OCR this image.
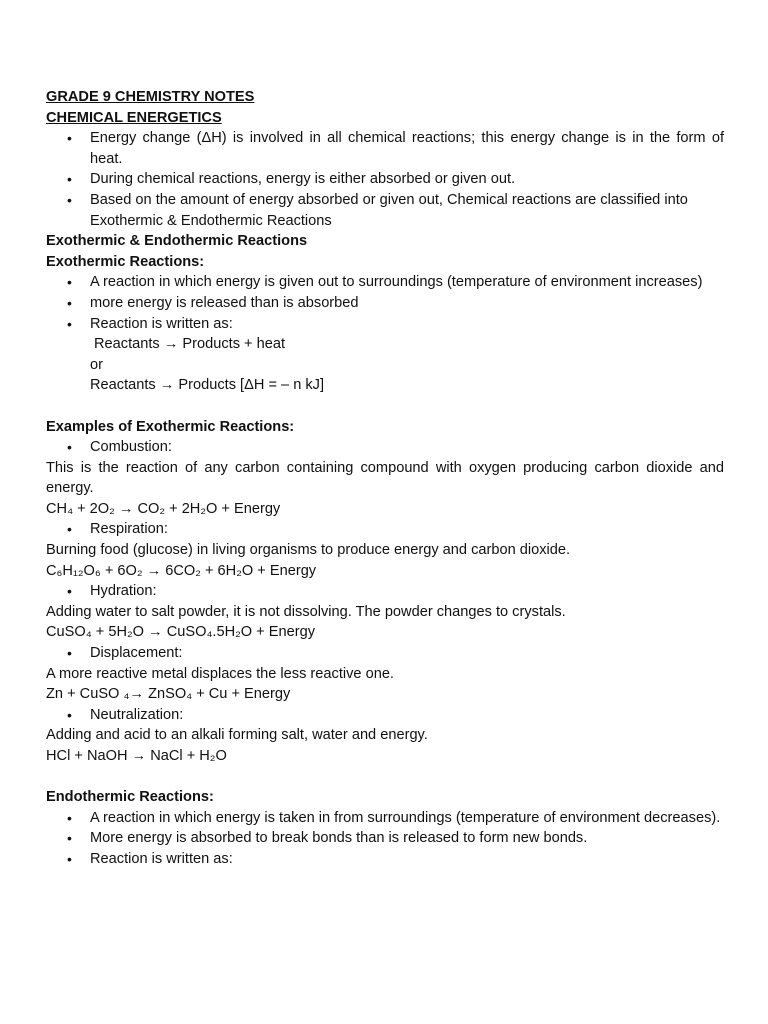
GRADE 9 CHEMISTRY NOTES
CHEMICAL ENERGETICS
• Energy change (ΔH) is involved in all chemical reactions; this energy change is in the form of heat.
• During chemical reactions, energy is either absorbed or given out.
• Based on the amount of energy absorbed or given out, Chemical reactions are classified into Exothermic & Endothermic Reactions
Exothermic & Endothermic Reactions
Exothermic Reactions:
• A reaction in which energy is given out to surroundings (temperature of environment increases)
• more energy is released than is absorbed
• Reaction is written as:
Reactants → Products + heat
or
Reactants → Products [ΔH = – n kJ]
Examples of Exothermic Reactions:
• Combustion:
This is the reaction of any carbon containing compound with oxygen producing carbon dioxide and energy.
CH₄ + 2O₂ → CO₂ + 2H₂O + Energy
• Respiration:
Burning food (glucose) in living organisms to produce energy and carbon dioxide.
C₆H₁₂O₆ + 6O₂ → 6CO₂ + 6H₂O + Energy
• Hydration:
Adding water to salt powder, it is not dissolving. The powder changes to crystals.
CuSO₄ + 5H₂O → CuSO₄.5H₂O + Energy
• Displacement:
A more reactive metal displaces the less reactive one.
Zn + CuSO ₄→ ZnSO₄ + Cu + Energy
• Neutralization:
Adding and acid to an alkali forming salt, water and energy.
HCl + NaOH → NaCl + H₂O
Endothermic Reactions:
• A reaction in which energy is taken in from surroundings (temperature of environment decreases).
• More energy is absorbed to break bonds than is released to form new bonds.
• Reaction is written as:
